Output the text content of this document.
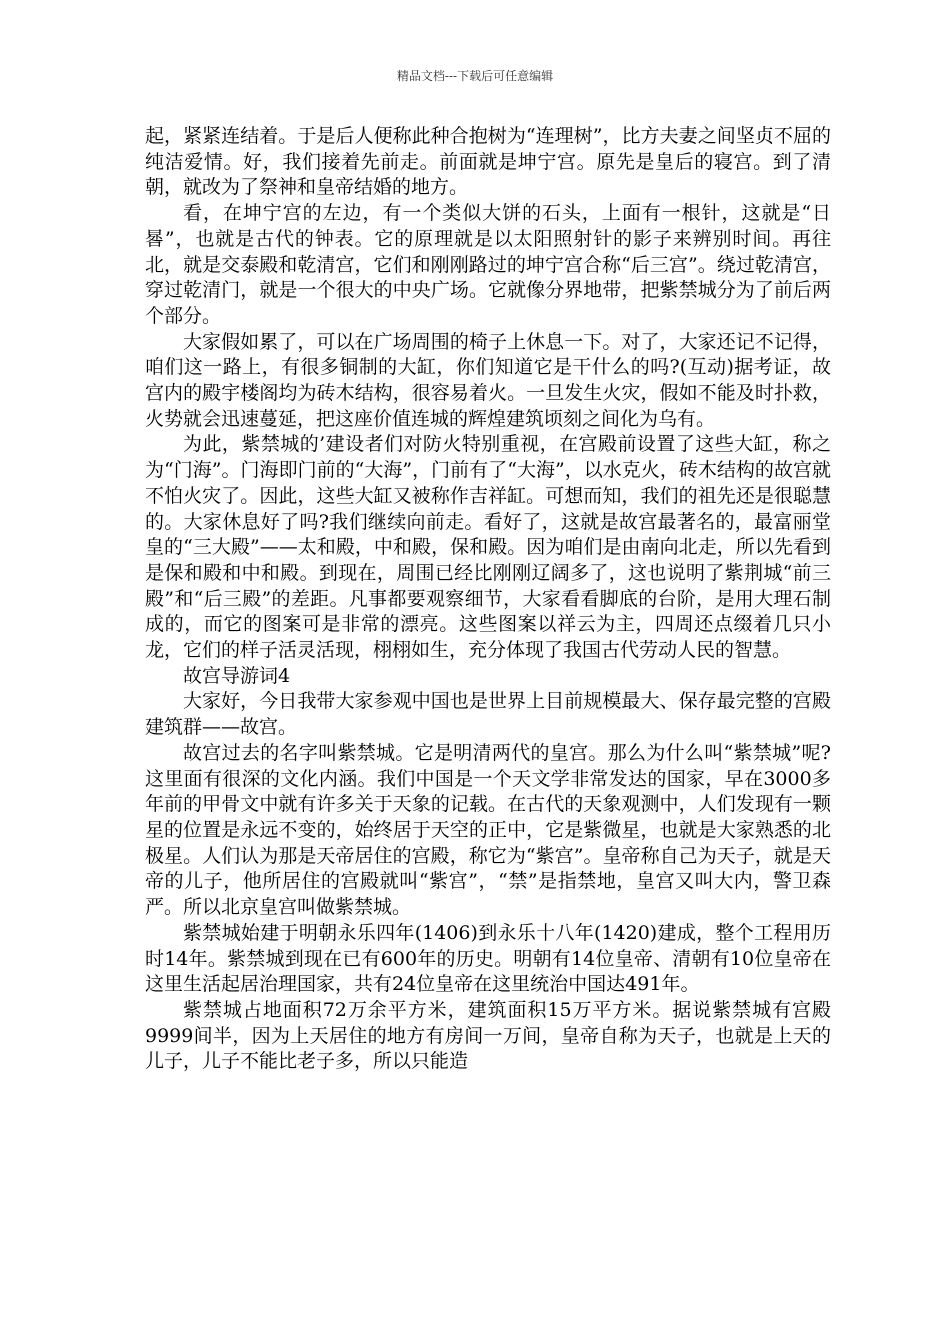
精品文档---下载后可任意编辑

起，紧紧连结着。于是后人便称此种合抱树为“连理树”，比方夫妻之间坚贞不屈的纯洁爱情。好，我们接着先前走。前面就是坤宁宫。原先是皇后的寝宫。到了清朝，就改为了祭神和皇帝结婚的地方。

看，在坤宁宫的左边，有一个类似大饼的石头，上面有一根针，这就是“日晷”，也就是古代的钟表。它的原理就是以太阳照射针的影子来辨别时间。再往北，就是交泰殿和乾清宫，它们和刚刚路过的坤宁宫合称“后三宫”。绕过乾清宫，穿过乾清门，就是一个很大的中央广场。它就像分界地带，把紫禁城分为了前后两个部分。

大家假如累了，可以在广场周围的椅子上休息一下。对了，大家还记不记得，咱们这一路上，有很多铜制的大缸，你们知道它是干什么的吗?(互动)据考证，故宫内的殿宇楼阁均为砖木结构，很容易着火。一旦发生火灾，假如不能及时扑救，火势就会迅速蔓延，把这座价值连城的辉煌建筑顷刻之间化为乌有。

为此，紫禁城的’建设者们对防火特别重视，在宫殿前设置了这些大缸，称之为“门海”。门海即门前的“大海”，门前有了“大海”，以水克火，砖木结构的故宫就不怕火灾了。因此，这些大缸又被称作吉祥缸。可想而知，我们的祖先还是很聪慧的。大家休息好了吗?我们继续向前走。看好了，这就是故宫最著名的，最富丽堂皇的“三大殿”——太和殿，中和殿，保和殿。因为咱们是由南向北走，所以先看到是保和殿和中和殿。到现在，周围已经比刚刚辽阔多了，这也说明了紫荆城“前三殿”和“后三殿”的差距。凡事都要观察细节，大家看看脚底的台阶，是用大理石制成的，而它的图案可是非常的漂亮。这些图案以祥云为主，四周还点缀着几只小龙，它们的样子活灵活现，栩栩如生，充分体现了我国古代劳动人民的智慧。

故宫导游词4

大家好，今日我带大家参观中国也是世界上目前规模最大、保存最完整的宫殿建筑群——故宫。

故宫过去的名字叫紫禁城。它是明清两代的皇宫。那么为什么叫“紫禁城”呢?这里面有很深的文化内涵。我们中国是一个天文学非常发达的国家，早在3000多年前的甲骨文中就有许多关于天象的记载。在古代的天象观测中，人们发现有一颗星的位置是永远不变的，始终居于天空的正中，它是紫微星，也就是大家熟悉的北极星。人们认为那是天帝居住的宫殿，称它为“紫宫”。皇帝称自己为天子，就是天帝的儿子，他所居住的宫殿就叫“紫宫”，“禁”是指禁地，皇宫又叫大内，警卫森严。所以北京皇宫叫做紫禁城。

紫禁城始建于明朝永乐四年(1406)到永乐十八年(1420)建成，整个工程用历时14年。紫禁城到现在已有600年的历史。明朝有14位皇帝、清朝有10位皇帝在这里生活起居治理国家，共有24位皇帝在这里统治中国达491年。

紫禁城占地面积72万余平方米，建筑面积15万平方米。据说紫禁城有宫殿9999间半，因为上天居住的地方有房间一万间，皇帝自称为天子，也就是上天的儿子，儿子不能比老子多，所以只能造
